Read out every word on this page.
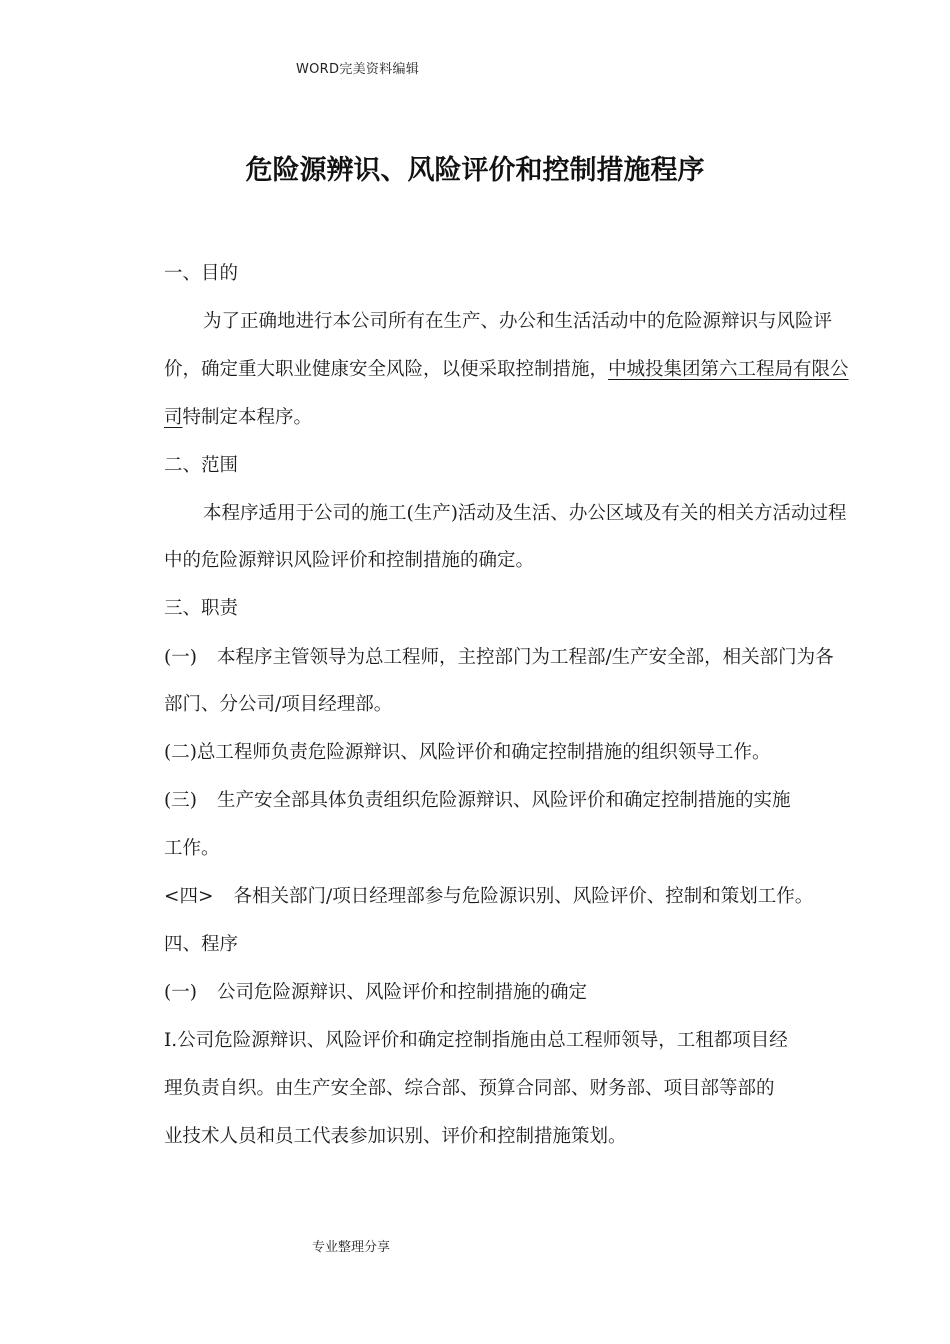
WORD完美资料编辑
危险源辨识、风险评价和控制措施程序
一、目的
为了正确地进行本公司所有在生产、办公和生活活动中的危险源辩识与风险评
价，确定重大职业健康安全风险，以便采取控制措施，中城投集团第六工程局有限公
司特制定本程序。
二、范围
本程序适用于公司的施工(生产)活动及生活、办公区域及有关的相关方活动过程
中的危险源辩识风险评价和控制措施的确定。
三、职责
(一) 本程序主管领导为总工程师，主控部门为工程部/生产安全部，相关部门为各
部门、分公司/项目经理部。
(二)总工程师负责危险源辩识、风险评价和确定控制措施的组织领导工作。
(三) 生产安全部具体负责组织危险源辩识、风险评价和确定控制措施的实施
工作。
<四> 各相关部门/项日经理部参与危险源识别、风险评价、控制和策划工作。
四、程序
(一) 公司危险源辩识、风险评价和控制措施的确定
I.公司危险源辩识、风险评价和确定控制指施由总工程师领导，工租都项目经
理负责自织。由生产安全部、综合部、预算合同部、财务部、项目部等部的
业技术人员和员工代表参加识别、评价和控制措施策划。
专业整理分享
